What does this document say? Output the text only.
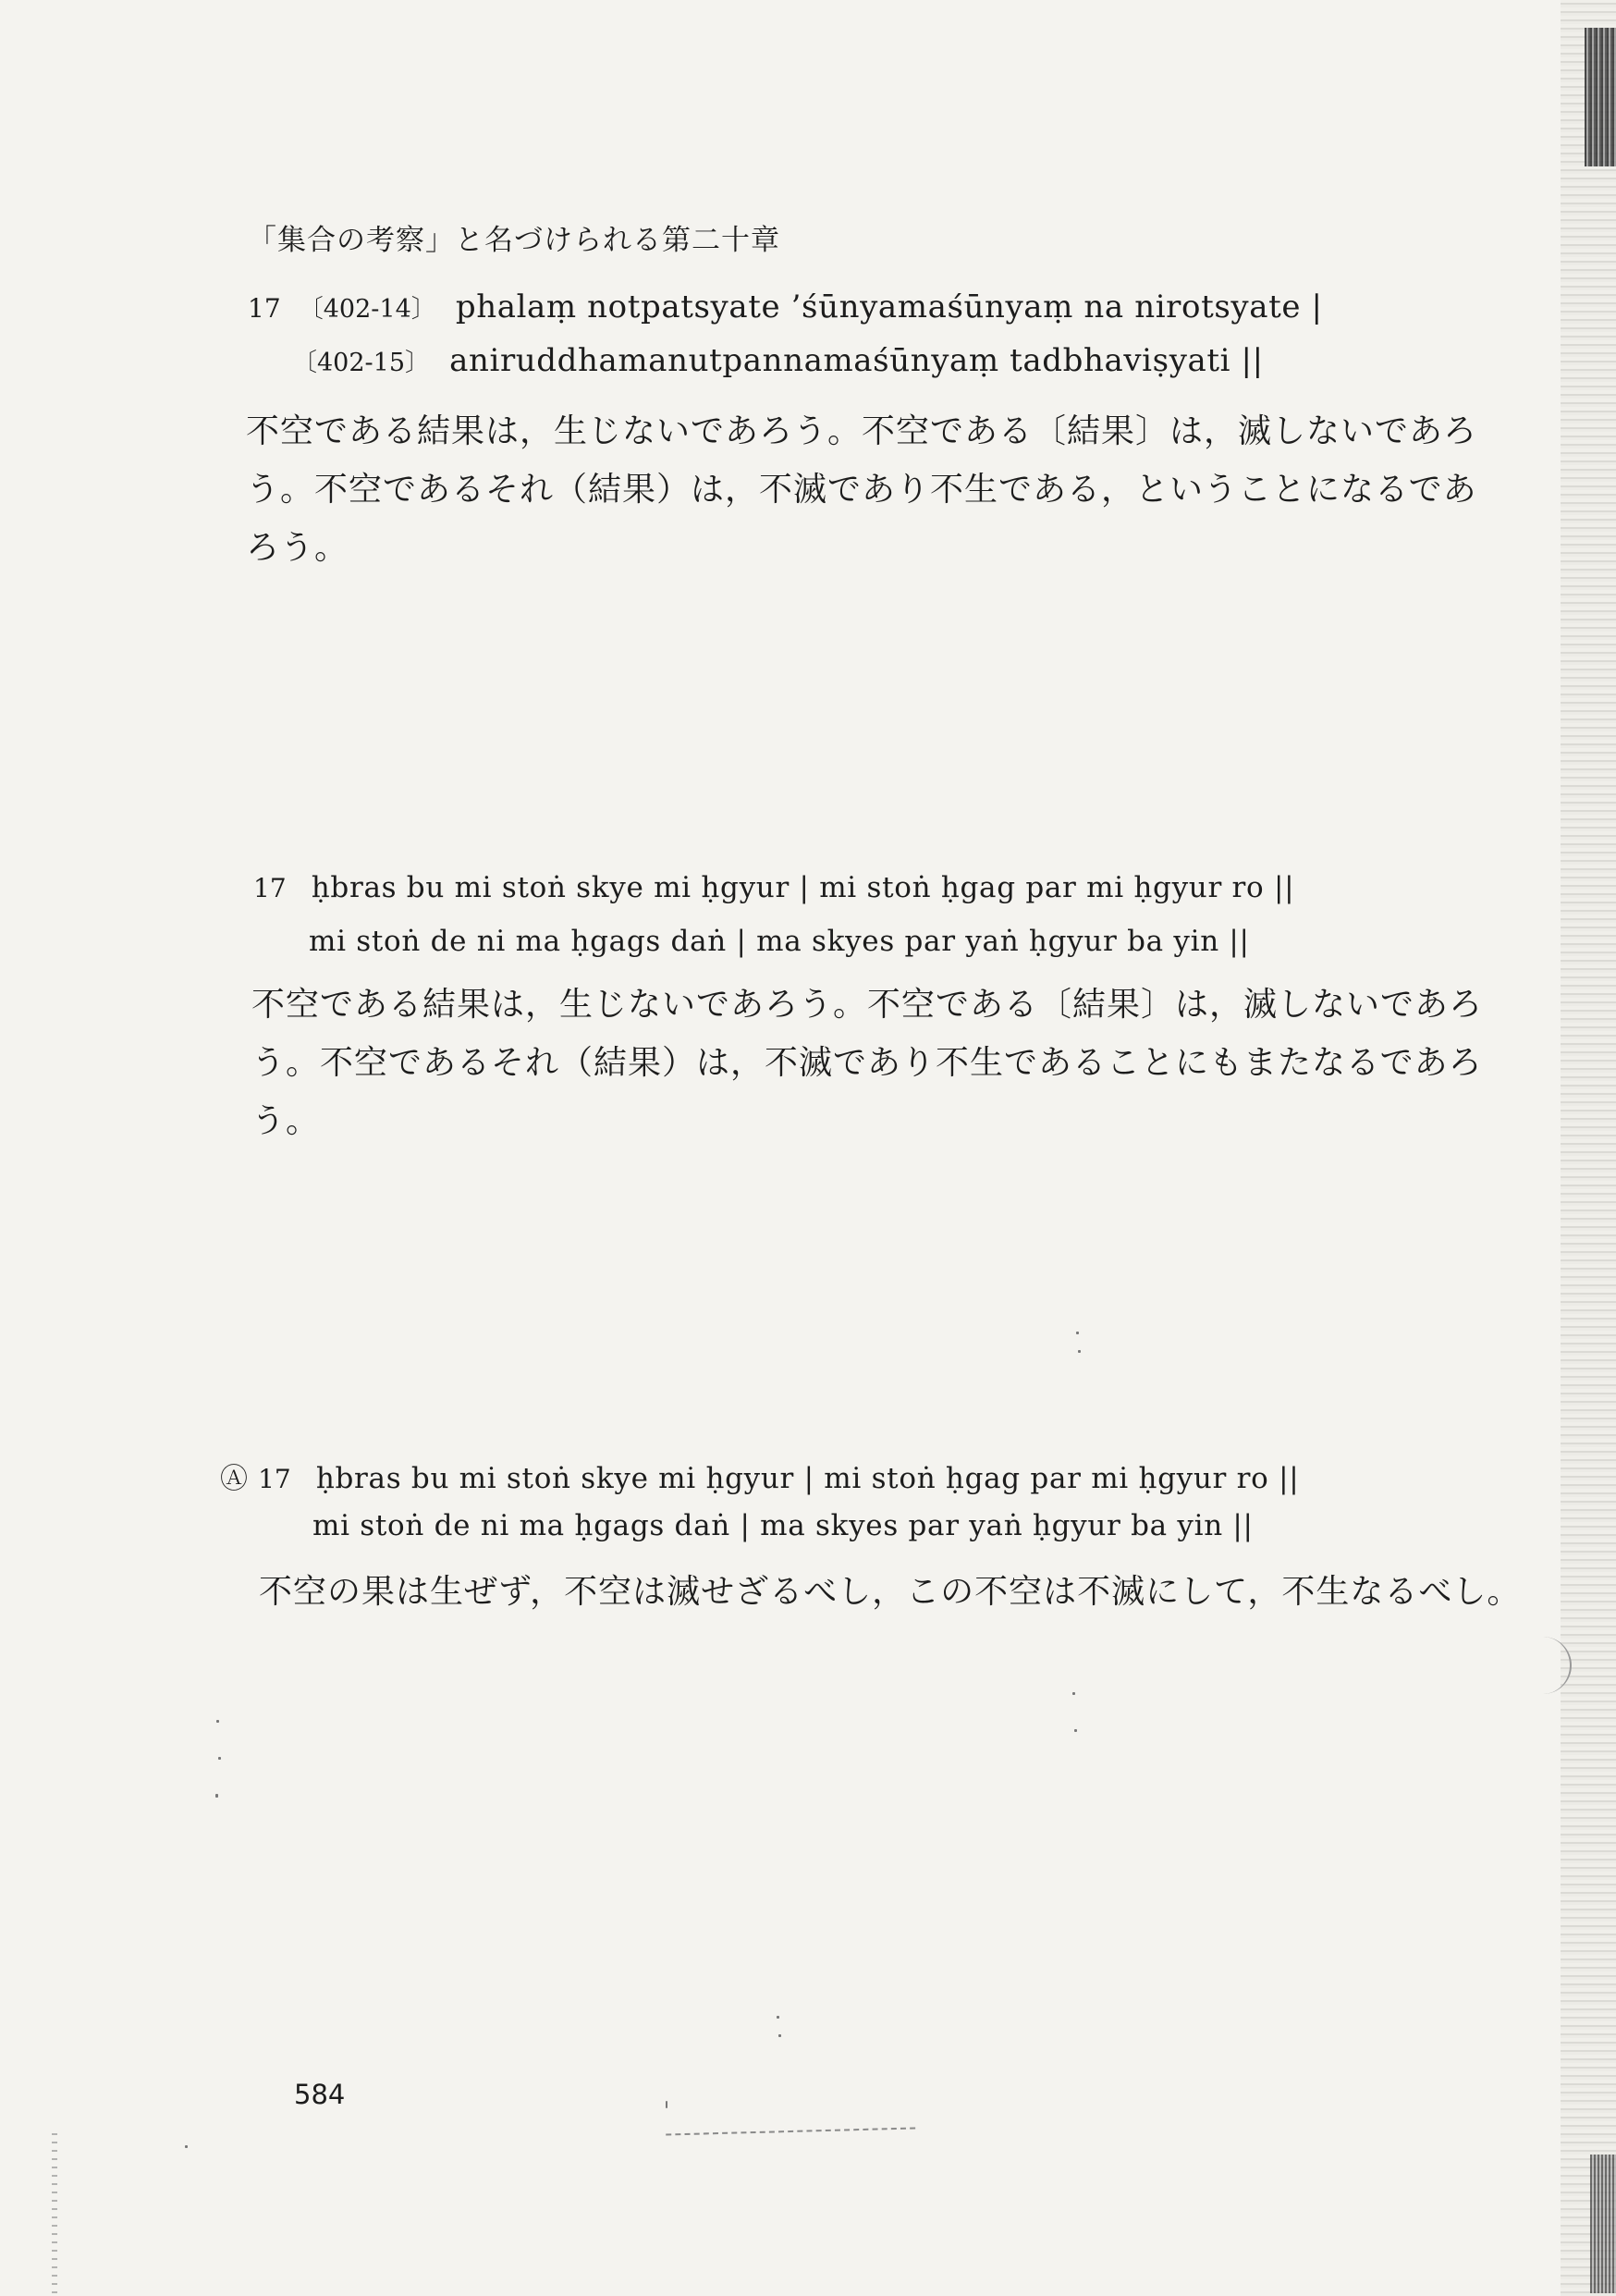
「集合の考察」と名づけられる第二十章
17 〔402-14〕 phalaṃ notpatsyate ’śūnyamaśūnyaṃ na nirotsyate |
〔402-15〕 aniruddhamanutpannamaśūnyaṃ tadbhaviṣyati ||

不空である結果は，生じないであろう。不空である〔結果〕は，滅しないであろう。不空であるそれ（結果）は，不滅であり不生である，ということになるであろう。

17 ḥbras bu mi stoṅ skye mi ḥgyur | mi stoṅ ḥgag par mi ḥgyur ro ||
mi stoṅ de ni ma ḥgags daṅ | ma skyes par yaṅ ḥgyur ba yin ||

不空である結果は，生じないであろう。不空である〔結果〕は，滅しないであろう。不空であるそれ（結果）は，不滅であり不生であることにもまたなるであろう。

Ⓐ 17 ḥbras bu mi stoṅ skye mi ḥgyur | mi stoṅ ḥgag par mi ḥgyur ro ||
mi stoṅ de ni ma ḥgags daṅ | ma skyes par yaṅ ḥgyur ba yin ||

不空の果は生ぜず，不空は滅せざるべし，この不空は不滅にして，不生なるべし。

584
